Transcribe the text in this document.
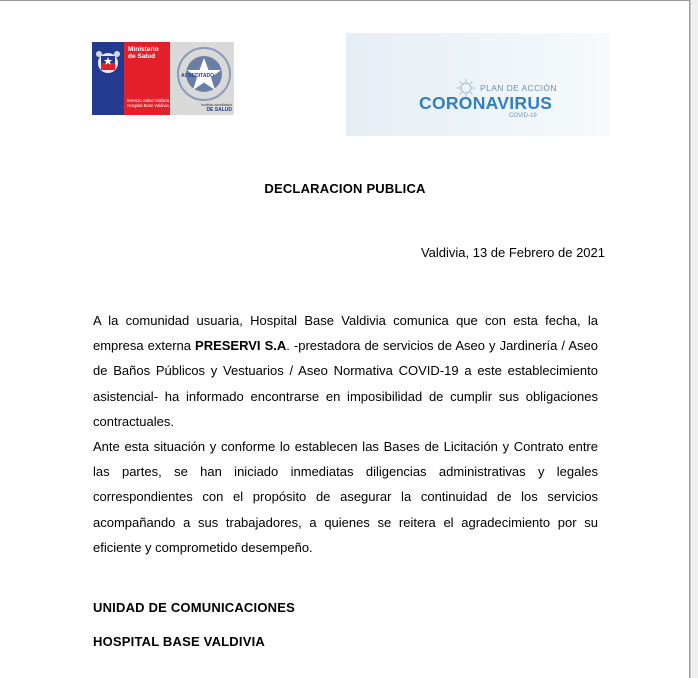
Ministerio de Salud
Servicio Salud Valdivia Hospital Base Valdivia
ACREDITADO
Instituto acreditador
DE SALUD
PLAN DE ACCIÓN
CORONAVIRUS
COVID-19
DECLARACION PUBLICA
Valdivia, 13 de Febrero de 2021
A la comunidad usuaria, Hospital Base Valdivia comunica que con esta fecha, la empresa externa PRESERVI S.A. -prestadora de servicios de Aseo y Jardinería / Aseo de Baños Públicos y Vestuarios / Aseo Normativa COVID-19 a este establecimiento asistencial- ha informado encontrarse en imposibilidad de cumplir sus obligaciones contractuales.
Ante esta situación y conforme lo establecen las Bases de Licitación y Contrato entre las partes, se han iniciado inmediatas diligencias administrativas y legales correspondientes con el propósito de asegurar la continuidad de los servicios acompañando a sus trabajadores, a quienes se reitera el agradecimiento por su eficiente y comprometido desempeño.
UNIDAD DE COMUNICACIONES
HOSPITAL BASE VALDIVIA
